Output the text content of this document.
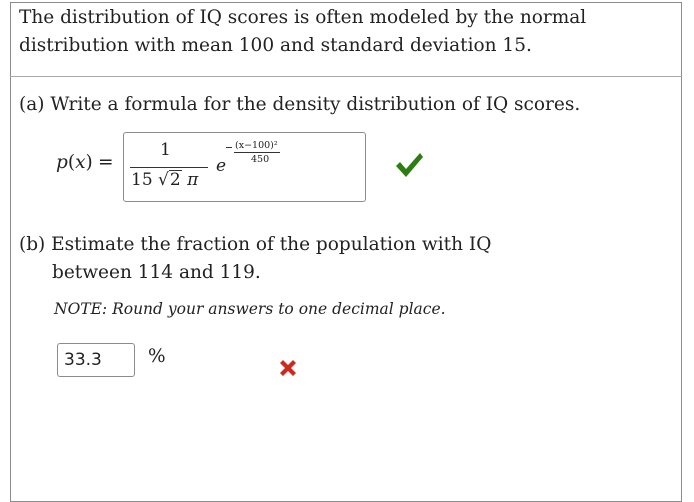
The distribution of IQ scores is often modeled by the normal
distribution with mean 100 and standard deviation 15.
(a) Write a formula for the density distribution of IQ scores.
p(x) =
1
15 √2 π
e
(x−100)²
450
(b) Estimate the fraction of the population with IQ
between 114 and 119.
NOTE: Round your answers to one decimal place.
33.3
%
